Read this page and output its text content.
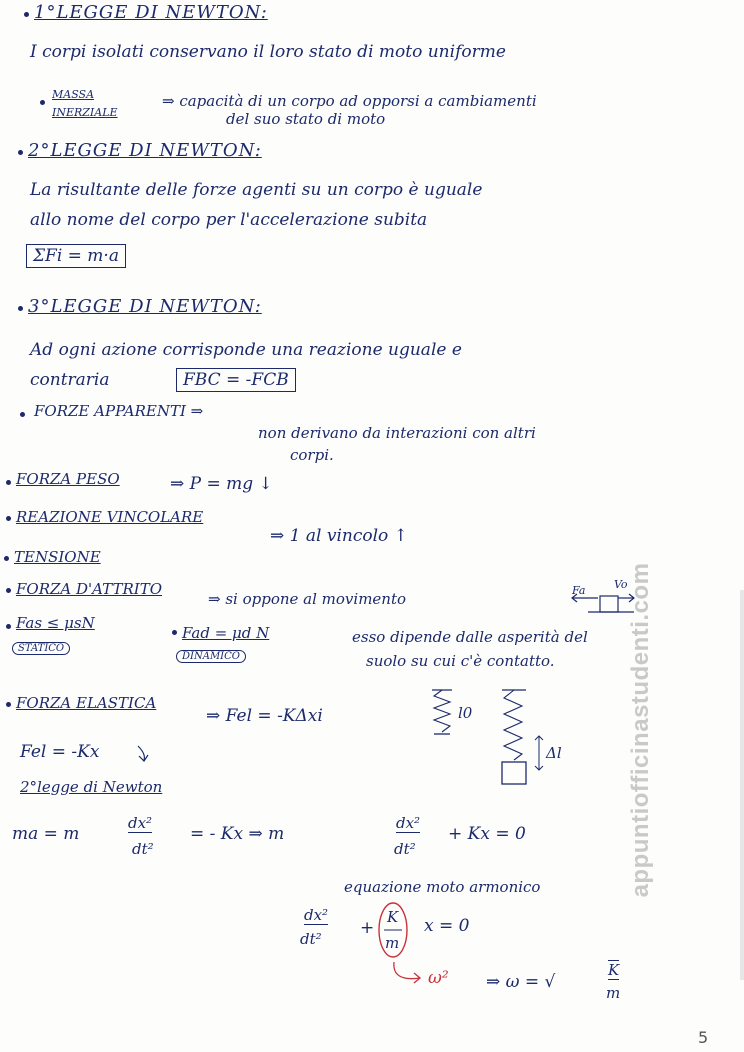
1°LEGGE DI NEWTON:
I corpi isolati conservano il loro stato di moto uniforme
MASSA
INERZIALE
⇒ capacità di un corpo ad opporsi a cambiamenti
del suo stato di moto
2°LEGGE DI NEWTON:
La risultante delle forze agenti su un corpo è uguale
allo nome del corpo per l'accelerazione subita
ΣFi = m·a
3°LEGGE DI NEWTON:
Ad ogni azione corrisponde una reazione uguale e
contraria	FBC = -FCB
FORZE APPARENTI ⇒
non derivano da interazioni con altri
corpi.
FORZA PESO	⇒ P = mg ↓
REAZIONE VINCOLARE
⇒ 1 al vincolo ↑
TENSIONE
FORZA D'ATTRITO
⇒ si oppone al movimento	Fa	Vo
Fas ≤ μsN
STATICO
Fad = μd N
DINAMICO
esso dipende dalle asperità del
suolo su cui c'è contatto.
FORZA ELASTICA
⇒ Fel = -KΔxi	l0
Δl
Fel = -Kx
2°legge di Newton
ma = m
dx²
dt²
= - Kx ⇒ m
dx²
dt²
+ Kx = 0
equazione moto armonico
dx²
dt²
+
K
m
x = 0
ω² ⇒ ω = √
K
m
appuntiofficinastudenti.com
5
